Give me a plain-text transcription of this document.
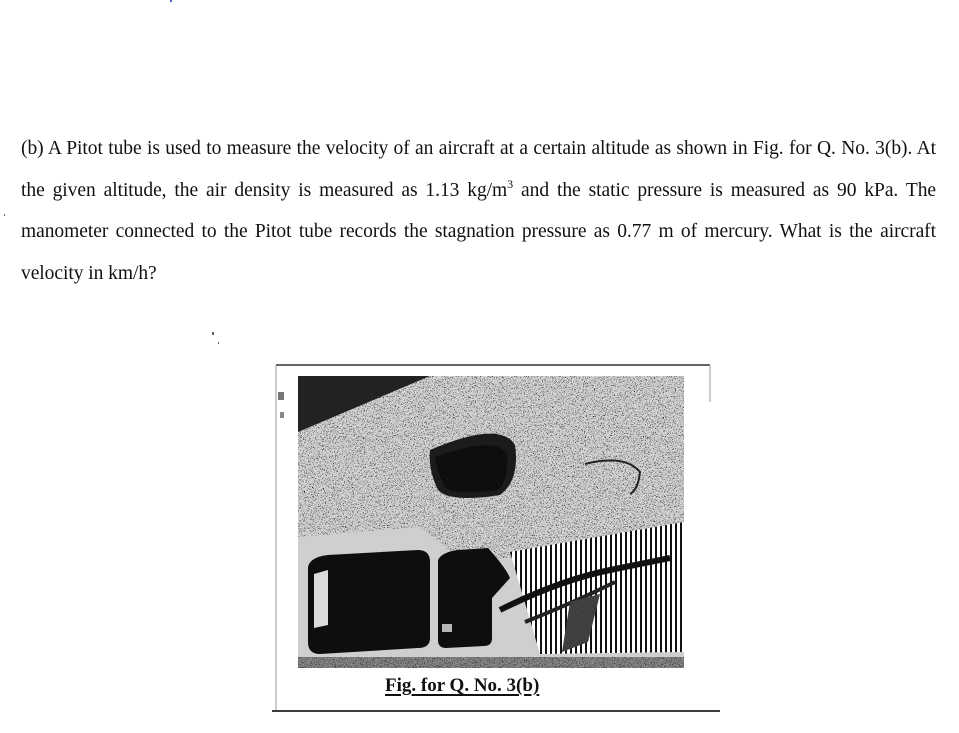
(b) A Pitot tube is used to measure the velocity of an aircraft at a certain altitude as shown in Fig. for Q. No. 3(b). At the given altitude, the air density is measured as 1.13 $kg/m^3$ and the static pressure is measured as 90 kPa. The manometer connected to the Pitot tube records the stagnation pressure as 0.77 m of mercury. What is the aircraft velocity in km/h?

Fig. for Q. No. 3(b)
